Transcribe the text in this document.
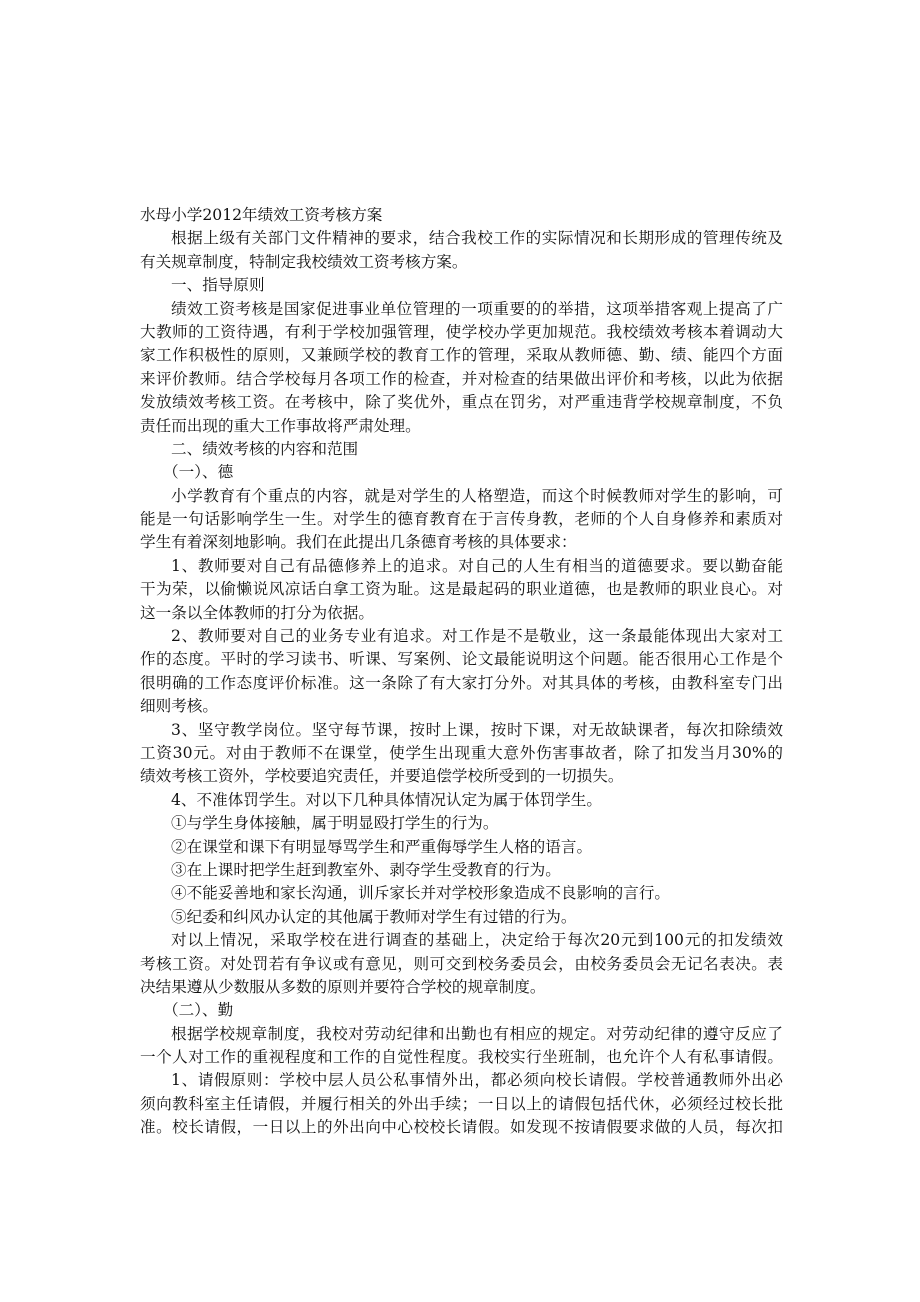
水母小学2012年绩效工资考核方案
根据上级有关部门文件精神的要求，结合我校工作的实际情况和长期形成的管理传统及
有关规章制度，特制定我校绩效工资考核方案。
一、指导原则
绩效工资考核是国家促进事业单位管理的一项重要的的举措，这项举措客观上提高了广
大教师的工资待遇，有利于学校加强管理，使学校办学更加规范。我校绩效考核本着调动大
家工作积极性的原则，又兼顾学校的教育工作的管理，采取从教师德、勤、绩、能四个方面
来评价教师。结合学校每月各项工作的检查，并对检查的结果做出评价和考核，以此为依据
发放绩效考核工资。在考核中，除了奖优外，重点在罚劣，对严重违背学校规章制度，不负
责任而出现的重大工作事故将严肃处理。
二、绩效考核的内容和范围
（一）、德
小学教育有个重点的内容，就是对学生的人格塑造，而这个时候教师对学生的影响，可
能是一句话影响学生一生。对学生的德育教育在于言传身教，老师的个人自身修养和素质对
学生有着深刻地影响。我们在此提出几条德育考核的具体要求：
1、教师要对自己有品德修养上的追求。对自己的人生有相当的道德要求。要以勤奋能
干为荣，以偷懒说风凉话白拿工资为耻。这是最起码的职业道德，也是教师的职业良心。对
这一条以全体教师的打分为依据。
2、教师要对自己的业务专业有追求。对工作是不是敬业，这一条最能体现出大家对工
作的态度。平时的学习读书、听课、写案例、论文最能说明这个问题。能否很用心工作是个
很明确的工作态度评价标准。这一条除了有大家打分外。对其具体的考核，由教科室专门出
细则考核。
3、坚守教学岗位。坚守每节课，按时上课，按时下课，对无故缺课者，每次扣除绩效
工资30元。对由于教师不在课堂，使学生出现重大意外伤害事故者，除了扣发当月30%的
绩效考核工资外，学校要追究责任，并要追偿学校所受到的一切损失。
4、不准体罚学生。对以下几种具体情况认定为属于体罚学生。
①与学生身体接触，属于明显殴打学生的行为。
②在课堂和课下有明显辱骂学生和严重侮辱学生人格的语言。
③在上课时把学生赶到教室外、剥夺学生受教育的行为。
④不能妥善地和家长沟通，训斥家长并对学校形象造成不良影响的言行。
⑤纪委和纠风办认定的其他属于教师对学生有过错的行为。
对以上情况，采取学校在进行调查的基础上，决定给于每次20元到100元的扣发绩效
考核工资。对处罚若有争议或有意见，则可交到校务委员会，由校务委员会无记名表决。表
决结果遵从少数服从多数的原则并要符合学校的规章制度。
（二）、勤
根据学校规章制度，我校对劳动纪律和出勤也有相应的规定。对劳动纪律的遵守反应了
一个人对工作的重视程度和工作的自觉性程度。我校实行坐班制，也允许个人有私事请假。
1、请假原则：学校中层人员公私事情外出，都必须向校长请假。学校普通教师外出必
须向教科室主任请假，并履行相关的外出手续；一日以上的请假包括代休，必须经过校长批
准。校长请假，一日以上的外出向中心校校长请假。如发现不按请假要求做的人员，每次扣
